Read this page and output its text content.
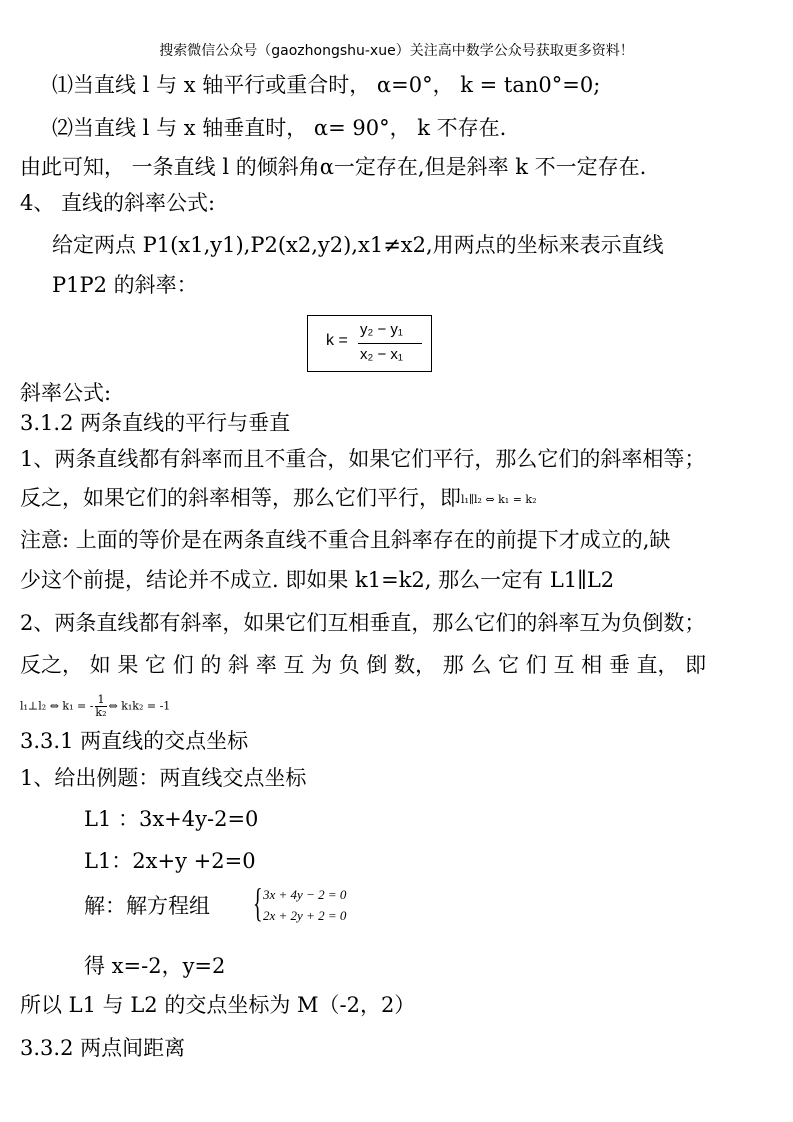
搜索微信公众号（gaozhongshu-xue）关注高中数学公众号获取更多资料！
⑴当直线 l 与 x 轴平行或重合时， α=0°， k = tan0°=0;
⑵当直线 l 与 x 轴垂直时， α= 90°， k 不存在.
由此可知， 一条直线 l 的倾斜角α一定存在,但是斜率 k 不一定存在.
4、 直线的斜率公式:
给定两点 P1(x1,y1),P2(x2,y2),x1≠x2,用两点的坐标来表示直线
P1P2 的斜率：
k =
y₂ − y₁
x₂ − x₁
斜率公式:
3.1.2 两条直线的平行与垂直
1、两条直线都有斜率而且不重合，如果它们平行，那么它们的斜率相等；
反之，如果它们的斜率相等，那么它们平行，即l₁∥l₂ ⇔ k₁ = k₂
注意: 上面的等价是在两条直线不重合且斜率存在的前提下才成立的,缺
少这个前提，结论并不成立. 即如果 k1=k2, 那么一定有 L1∥L2
2、两条直线都有斜率，如果它们互相垂直，那么它们的斜率互为负倒数；
反之， 如 果 它 们 的 斜 率 互 为 负 倒 数， 那 么 它 们 互 相 垂 直， 即
l₁⊥l₂ ⇔ k₁ = - $\frac{1}{\text{k₂}}$ ⇔ k₁k₂ = -1
3.3.1 两直线的交点坐标
1、给出例题：两直线交点坐标
L1 ：3x+4y-2=0
L1：2x+y +2=0
解：解方程组 { 3x + 4y − 2 = 0
2x + 2y + 2 = 0
得 x=-2，y=2
所以 L1 与 L2 的交点坐标为 M（-2，2）
3.3.2 两点间距离
